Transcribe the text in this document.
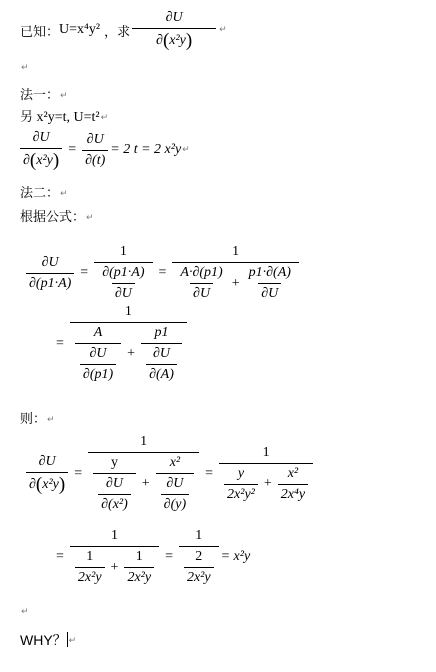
已知： U=x⁴y² ，求 $\frac{\partial U}{\text{∂(x²y)}}$ ↵
↵
法一：↵
另 x²y=t, U=t²↵
$\frac{\partial U}{\text{∂(x²y)}} = \frac{\partial U}{\partial(t)} = 2$ t = 2 x²y ↵
法二：↵
根据公式：↵
$\frac{\partial U}{\partial(p1\cdot A)} = \frac{1}{\frac{\partial(p1\cdot A)}{\partial U}}$ =
1
$\frac{A\cdot\partial(p1)}{\partial U} + \frac{p1\cdot\partial(A)}{\partial U}$
=
1
$\frac{A}{\frac{\partial U}{\partial(p1)}} + \frac{p1}{\frac{\partial U}{\partial(A)}}$
则：↵
$\frac{\partial U}{\text{∂(x²y)}}$ =
1
$\frac{y}{\frac{\partial U}{\text{∂(x²)}}} + \frac{\text{x²}}{\frac{\partial U}{\partial(y)}}$ =
1
$\frac{y}{\text{2x²y²}} + \frac{\text{x²}}{\text{2x⁴y}}$
= $\frac{1}{\frac{1}{\text{2x²y}} + \frac{1}{\text{2x²y}}} = \frac{1}{\frac{2}{\text{2x²y}}} = x^2y$
↵
WHY？ ↵
